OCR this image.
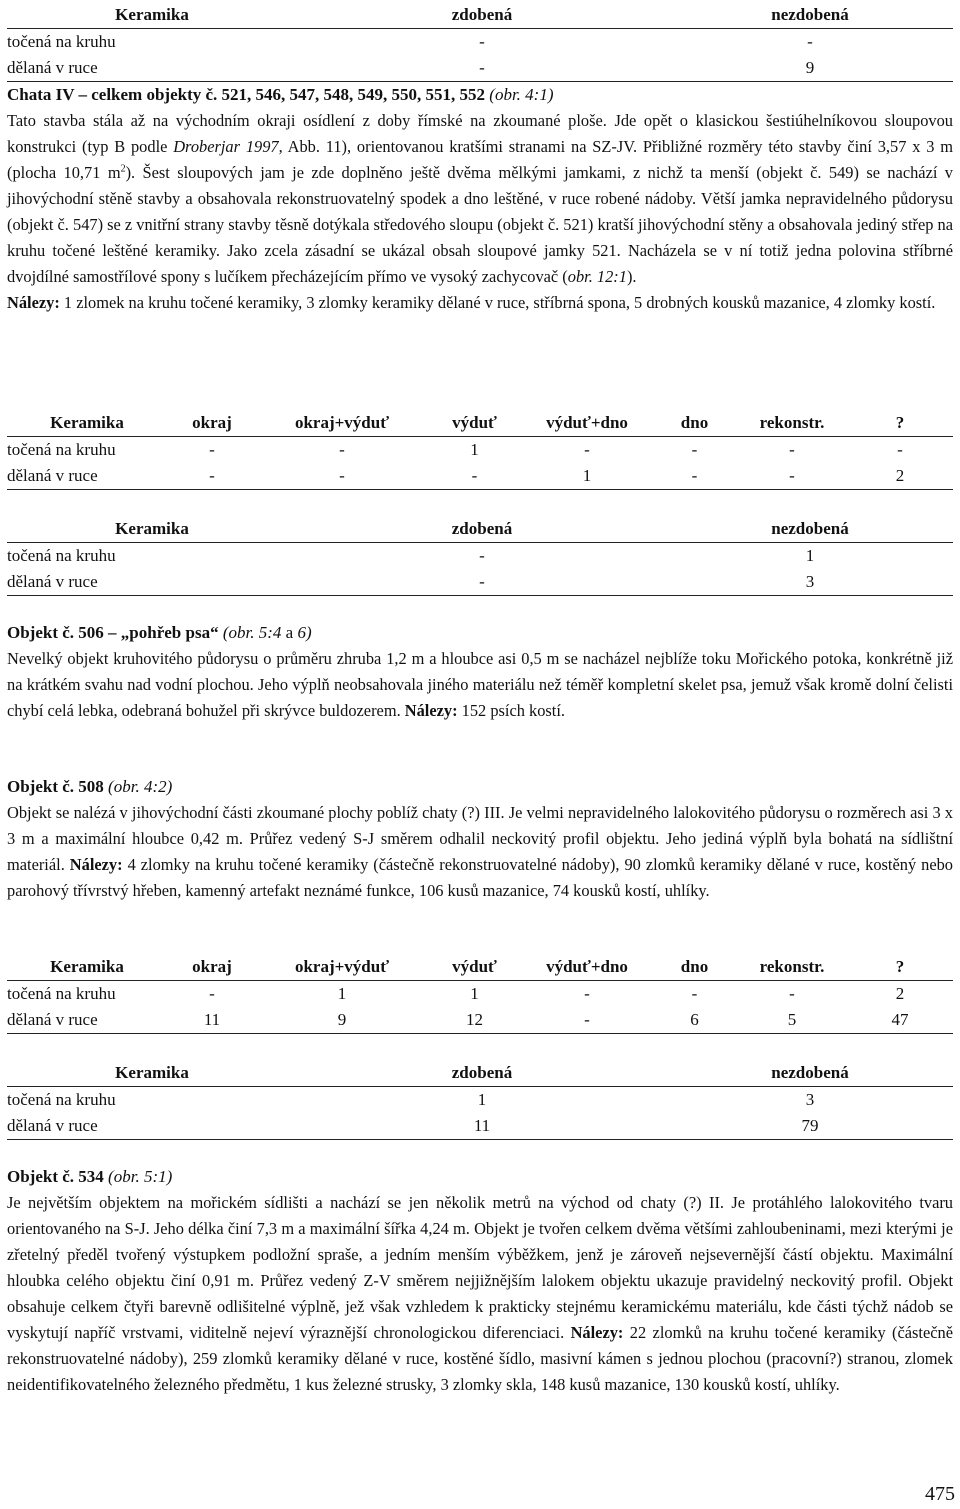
Keramika	zdobená	nezdobená
točená na kruhu	-	-
dělaná v ruce	-	9

Chata IV – celkem objekty č. 521, 546, 547, 548, 549, 550, 551, 552 (obr. 4:1)

Tato stavba stála až na východním okraji osídlení z doby římské na zkoumané ploše. Jde opět o klasickou šestiúhelníkovou sloupovou konstrukci (typ B podle Droberjar 1997, Abb. 11), orientovanou kratšími stranami na SZ-JV. Přibližné rozměry této stavby činí 3,57 x 3 m (plocha 10,71 $m^2$). Šest sloupových jam je zde doplněno ještě dvěma mělkými jamkami, z nichž ta menší (objekt č. 549) se nachází v jihovýchodní stěně stavby a obsahovala rekonstruovatelný spodek a dno leštěné, v ruce robené nádoby. Větší jamka nepravidelného půdorysu (objekt č. 547) se z vnitřní strany stavby těsně dotýkala středového sloupu (objekt č. 521) kratší jihovýchodní stěny a obsahovala jediný střep na kruhu točené leštěné keramiky. Jako zcela zásadní se ukázal obsah sloupové jamky 521. Nacházela se v ní totiž jedna polovina stříbrné dvojdílné samostřílové spony s lučíkem přecházejícím přímo ve vysoký zachycovač (obr. 12:1).
Nálezy: 1 zlomek na kruhu točené keramiky, 3 zlomky keramiky dělané v ruce, stříbrná spona, 5 drobných kousků mazanice, 4 zlomky kostí.

Keramika	okraj	okraj+výduť	výduť	výduť+dno	dno	rekonstr.	?
točená na kruhu	-	-	1	-	-	-	-
dělaná v ruce	-	-	-	1	-	-	2
Keramika	zdobená	nezdobená
točená na kruhu	-	1
dělaná v ruce	-	3

Objekt č. 506 – „pohřeb psa“ (obr. 5:4 a 6)

Nevelký objekt kruhovitého půdorysu o průměru zhruba 1,2 m a hloubce asi 0,5 m se nacházel nejblíže toku Mořického potoka, konkrétně již na krátkém svahu nad vodní plochou. Jeho výplň neobsahovala jiného materiálu než téměř kompletní skelet psa, jemuž však kromě dolní čelisti chybí celá lebka, odebraná bohužel při skrývce buldozerem. Nálezy: 152 psích kostí.

Objekt č. 508 (obr. 4:2)

Objekt se nalézá v jihovýchodní části zkoumané plochy poblíž chaty (?) III. Je velmi nepravidelného lalokovitého půdorysu o rozměrech asi 3 x 3 m a maximální hloubce 0,42 m. Průřez vedený S-J směrem odhalil neckovitý profil objektu. Jeho jediná výplň byla bohatá na sídlištní materiál. Nálezy: 4 zlomky na kruhu točené keramiky (částečně rekonstruovatelné nádoby), 90 zlomků keramiky dělané v ruce, kostěný nebo parohový třívrstvý hřeben, kamenný artefakt neznámé funkce, 106 kusů mazanice, 74 kousků kostí, uhlíky.

Keramika	okraj	okraj+výduť	výduť	výduť+dno	dno	rekonstr.	?
točená na kruhu	-	1	1	-	-	-	2
dělaná v ruce	11	9	12	-	6	5	47
Keramika	zdobená	nezdobená
točená na kruhu	1	3
dělaná v ruce	11	79

Objekt č. 534 (obr. 5:1)

Je největším objektem na mořickém sídlišti a nachází se jen několik metrů na východ od chaty (?) II. Je protáhlého lalokovitého tvaru orientovaného na S-J. Jeho délka činí 7,3 m a maximální šířka 4,24 m. Objekt je tvořen celkem dvěma většími zahloubeninami, mezi kterými je zřetelný předěl tvořený výstupkem podložní spraše, a jedním menším výběžkem, jenž je zároveň nejsevernější částí objektu. Maximální hloubka celého objektu činí 0,91 m. Průřez vedený Z-V směrem nejjižnějším lalokem objektu ukazuje pravidelný neckovitý profil. Objekt obsahuje celkem čtyři barevně odlišitelné výplně, jež však vzhledem k prakticky stejnému keramickému materiálu, kde části týchž nádob se vyskytují napříč vrstvami, viditelně nejeví výraznější chronologickou diferenciaci. Nálezy: 22 zlomků na kruhu točené keramiky (částečně rekonstruovatelné nádoby), 259 zlomků keramiky dělané v ruce, kostěné šídlo, masivní kámen s jednou plochou (pracovní?) stranou, zlomek neidentifikovatelného železného předmětu, 1 kus železné strusky, 3 zlomky skla, 148 kusů mazanice, 130 kousků kostí, uhlíky.

475
